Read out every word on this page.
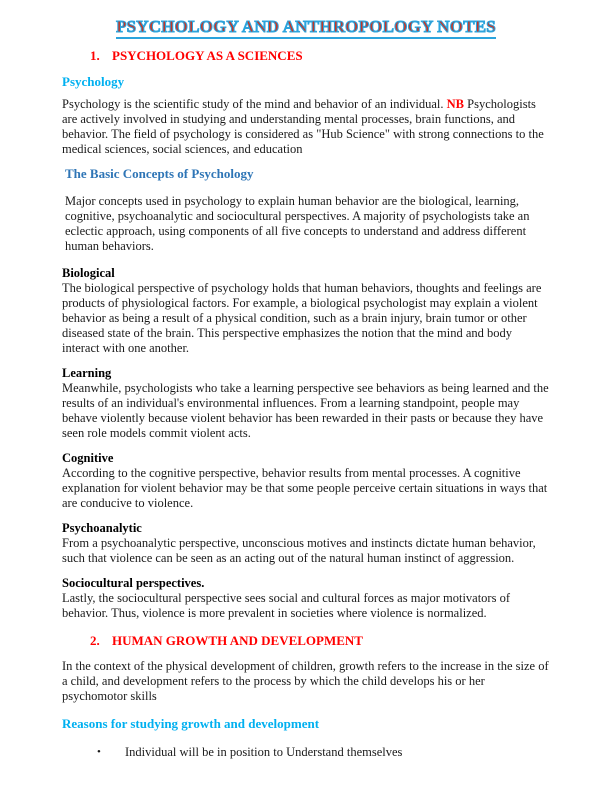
PSYCHOLOGY AND ANTHROPOLOGY NOTES
1. PSYCHOLOGY AS A SCIENCES
Psychology

Psychology is the scientific study of the mind and behavior of an individual. NB Psychologists are actively involved in studying and understanding mental processes, brain functions, and behavior. The field of psychology is considered as "Hub Science" with strong connections to the medical sciences, social sciences, and education

The Basic Concepts of Psychology

Major concepts used in psychology to explain human behavior are the biological, learning, cognitive, psychoanalytic and sociocultural perspectives. A majority of psychologists take an eclectic approach, using components of all five concepts to understand and address different human behaviors.

Biological

The biological perspective of psychology holds that human behaviors, thoughts and feelings are products of physiological factors. For example, a biological psychologist may explain a violent behavior as being a result of a physical condition, such as a brain injury, brain tumor or other diseased state of the brain. This perspective emphasizes the notion that the mind and body interact with one another.

Learning

Meanwhile, psychologists who take a learning perspective see behaviors as being learned and the results of an individual's environmental influences. From a learning standpoint, people may behave violently because violent behavior has been rewarded in their pasts or because they have seen role models commit violent acts.

Cognitive

According to the cognitive perspective, behavior results from mental processes. A cognitive explanation for violent behavior may be that some people perceive certain situations in ways that are conducive to violence.

Psychoanalytic

From a psychoanalytic perspective, unconscious motives and instincts dictate human behavior, such that violence can be seen as an acting out of the natural human instinct of aggression.

Sociocultural perspectives.

Lastly, the sociocultural perspective sees social and cultural forces as major motivators of behavior. Thus, violence is more prevalent in societies where violence is normalized.

2. HUMAN GROWTH AND DEVELOPMENT

In the context of the physical development of children, growth refers to the increase in the size of a child, and development refers to the process by which the child develops his or her psychomotor skills

Reasons for studying growth and development
•	Individual will be in position to Understand themselves
